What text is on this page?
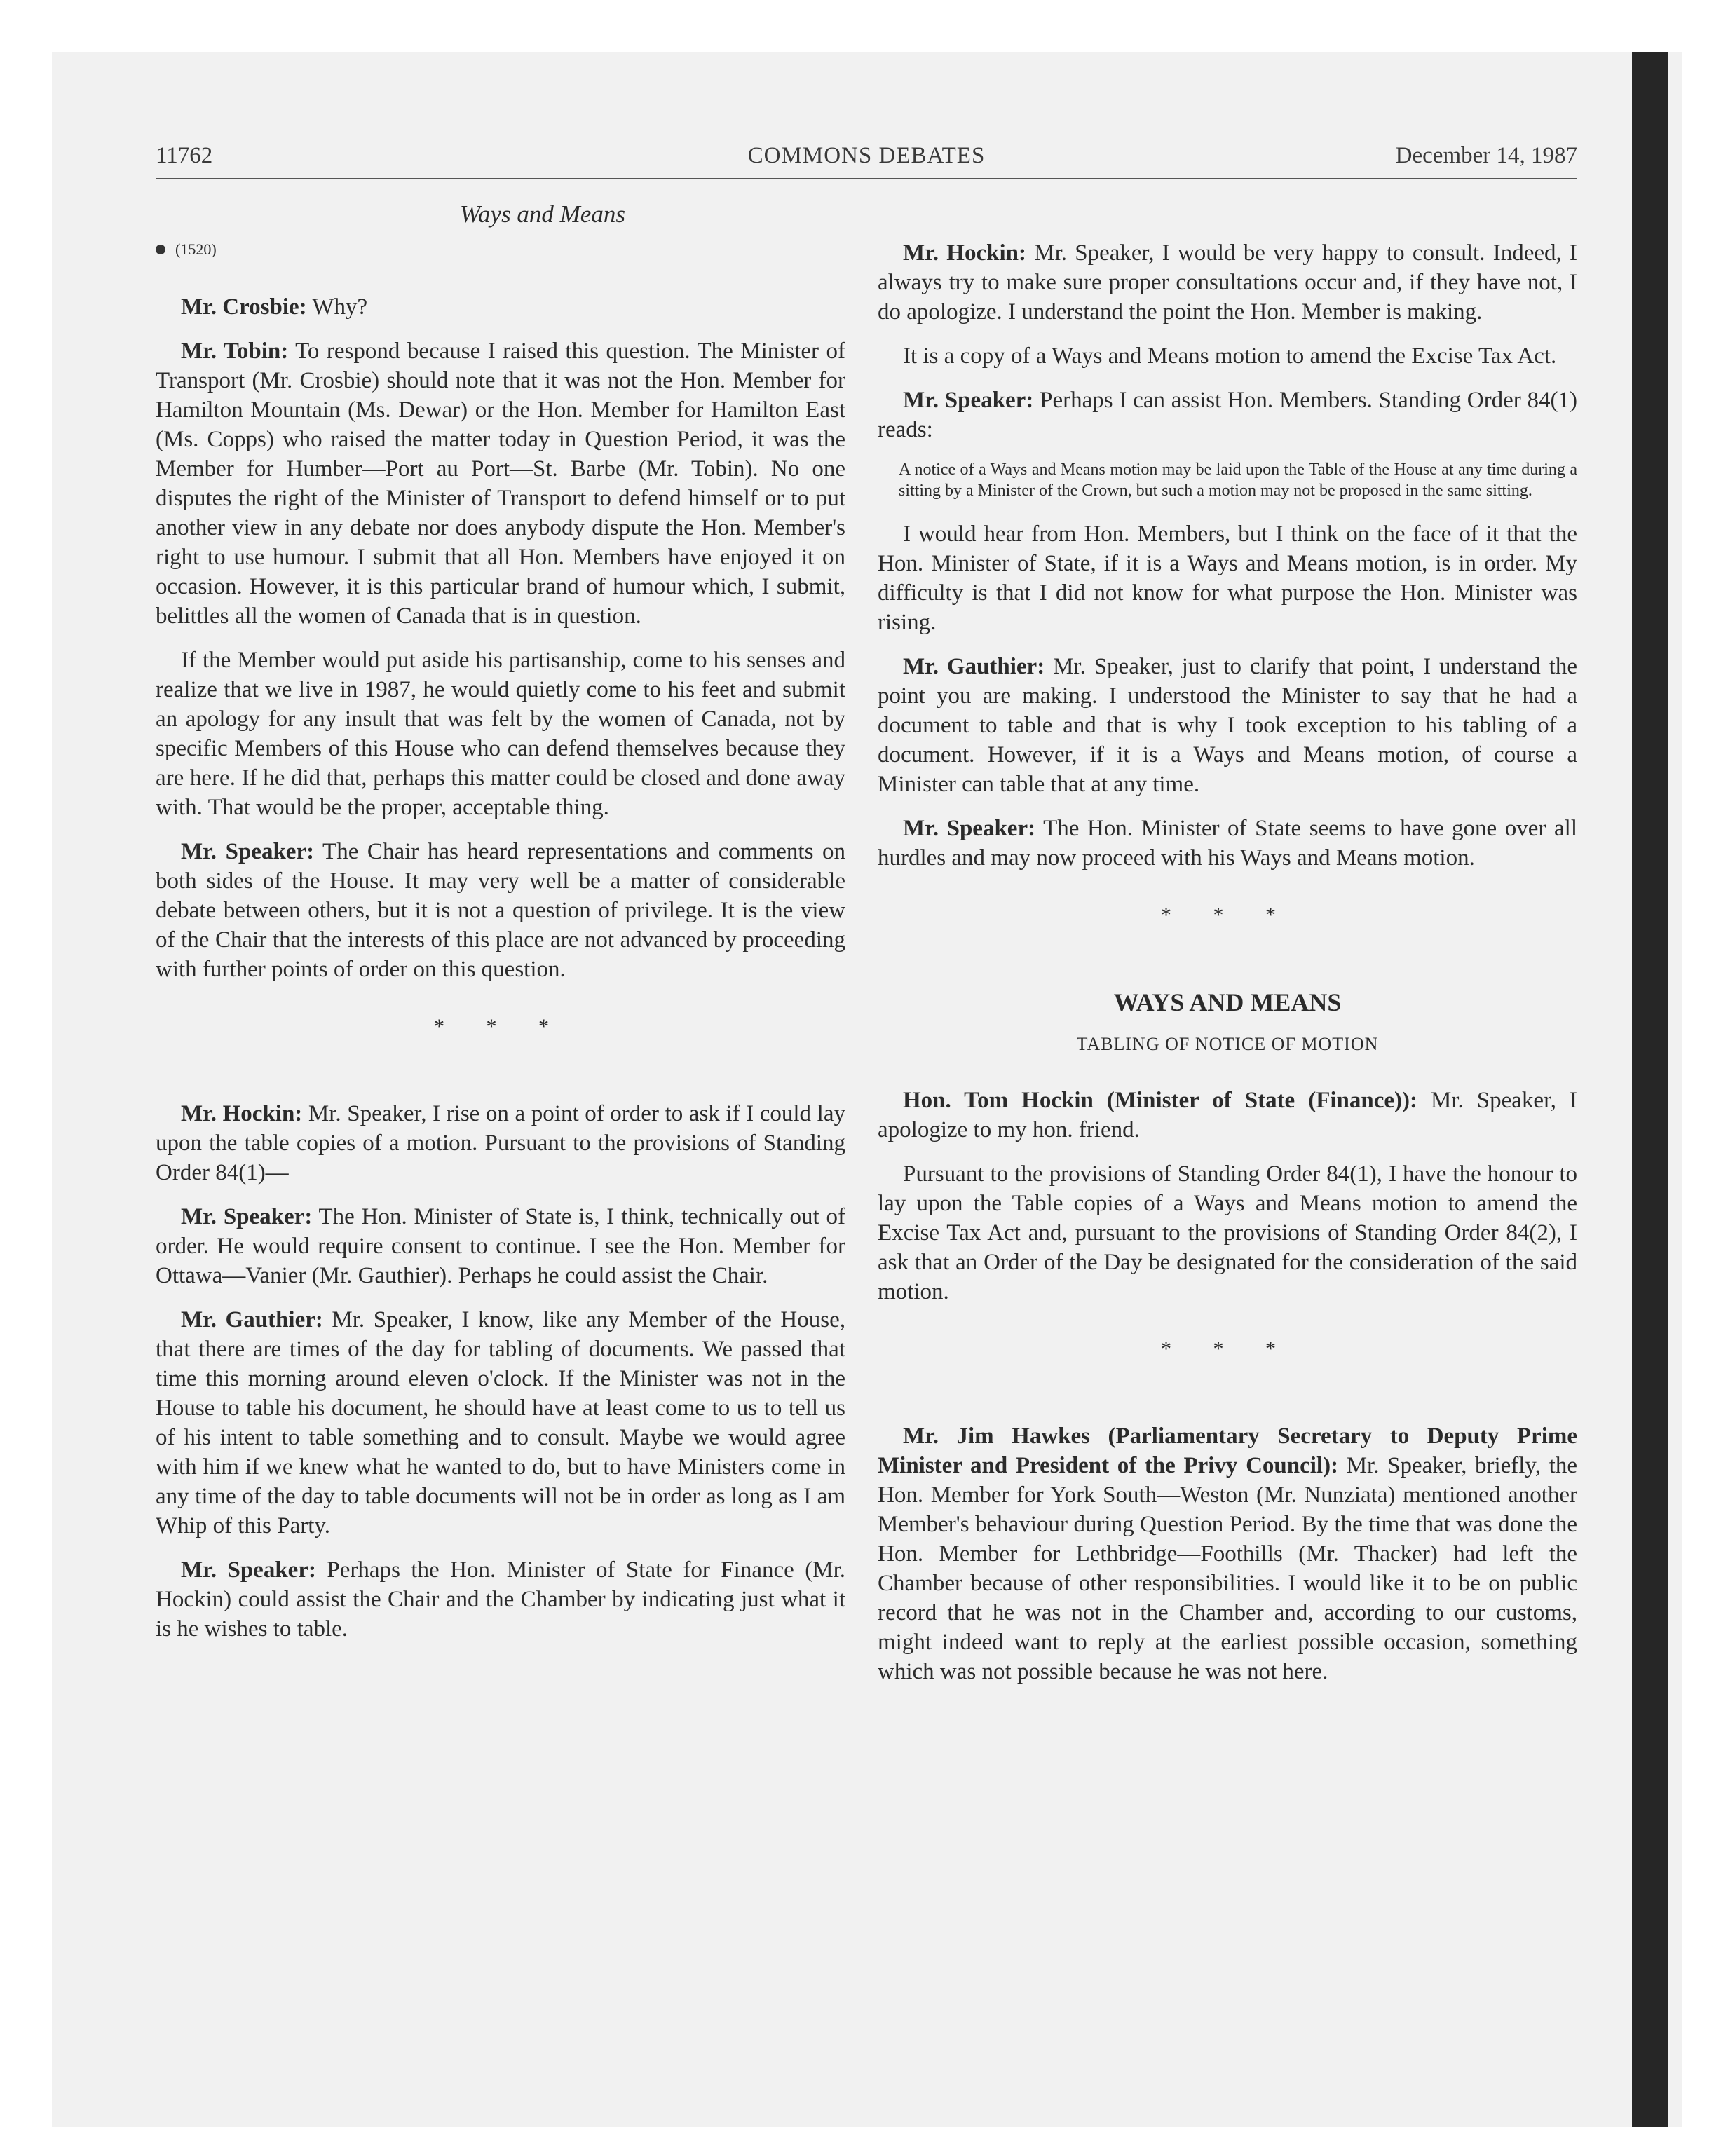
11762	COMMONS DEBATES	December 14, 1987
Ways and Means
(1520)

Mr. Crosbie: Why?

Mr. Tobin: To respond because I raised this question. The Minister of Transport (Mr. Crosbie) should note that it was not the Hon. Member for Hamilton Mountain (Ms. Dewar) or the Hon. Member for Hamilton East (Ms. Copps) who raised the matter today in Question Period, it was the Member for Humber—Port au Port—St. Barbe (Mr. Tobin). No one disputes the right of the Minister of Transport to defend himself or to put another view in any debate nor does anybody dispute the Hon. Member's right to use humour. I submit that all Hon. Members have enjoyed it on occasion. However, it is this particular brand of humour which, I submit, belittles all the women of Canada that is in question.

If the Member would put aside his partisanship, come to his senses and realize that we live in 1987, he would quietly come to his feet and submit an apology for any insult that was felt by the women of Canada, not by specific Members of this House who can defend themselves because they are here. If he did that, perhaps this matter could be closed and done away with. That would be the proper, acceptable thing.

Mr. Speaker: The Chair has heard representations and comments on both sides of the House. It may very well be a matter of considerable debate between others, but it is not a question of privilege. It is the view of the Chair that the interests of this place are not advanced by proceeding with further points of order on this question.

* * *

Mr. Hockin: Mr. Speaker, I rise on a point of order to ask if I could lay upon the table copies of a motion. Pursuant to the provisions of Standing Order 84(1)—

Mr. Speaker: The Hon. Minister of State is, I think, technically out of order. He would require consent to continue. I see the Hon. Member for Ottawa—Vanier (Mr. Gauthier). Perhaps he could assist the Chair.

Mr. Gauthier: Mr. Speaker, I know, like any Member of the House, that there are times of the day for tabling of documents. We passed that time this morning around eleven o'clock. If the Minister was not in the House to table his document, he should have at least come to us to tell us of his intent to table something and to consult. Maybe we would agree with him if we knew what he wanted to do, but to have Ministers come in any time of the day to table documents will not be in order as long as I am Whip of this Party.

Mr. Speaker: Perhaps the Hon. Minister of State for Finance (Mr. Hockin) could assist the Chair and the Chamber by indicating just what it is he wishes to table.

Mr. Hockin: Mr. Speaker, I would be very happy to consult. Indeed, I always try to make sure proper consultations occur and, if they have not, I do apologize. I understand the point the Hon. Member is making.

It is a copy of a Ways and Means motion to amend the Excise Tax Act.

Mr. Speaker: Perhaps I can assist Hon. Members. Standing Order 84(1) reads:

A notice of a Ways and Means motion may be laid upon the Table of the House at any time during a sitting by a Minister of the Crown, but such a motion may not be proposed in the same sitting.

I would hear from Hon. Members, but I think on the face of it that the Hon. Minister of State, if it is a Ways and Means motion, is in order. My difficulty is that I did not know for what purpose the Hon. Minister was rising.

Mr. Gauthier: Mr. Speaker, just to clarify that point, I understand the point you are making. I understood the Minister to say that he had a document to table and that is why I took exception to his tabling of a document. However, if it is a Ways and Means motion, of course a Minister can table that at any time.

Mr. Speaker: The Hon. Minister of State seems to have gone over all hurdles and may now proceed with his Ways and Means motion.

* * *
WAYS AND MEANS
TABLING OF NOTICE OF MOTION

Hon. Tom Hockin (Minister of State (Finance)): Mr. Speaker, I apologize to my hon. friend.

Pursuant to the provisions of Standing Order 84(1), I have the honour to lay upon the Table copies of a Ways and Means motion to amend the Excise Tax Act and, pursuant to the provisions of Standing Order 84(2), I ask that an Order of the Day be designated for the consideration of the said motion.

* * *

Mr. Jim Hawkes (Parliamentary Secretary to Deputy Prime Minister and President of the Privy Council): Mr. Speaker, briefly, the Hon. Member for York South—Weston (Mr. Nunziata) mentioned another Member's behaviour during Question Period. By the time that was done the Hon. Member for Lethbridge—Foothills (Mr. Thacker) had left the Chamber because of other responsibilities. I would like it to be on public record that he was not in the Chamber and, according to our customs, might indeed want to reply at the earliest possible occasion, something which was not possible because he was not here.
